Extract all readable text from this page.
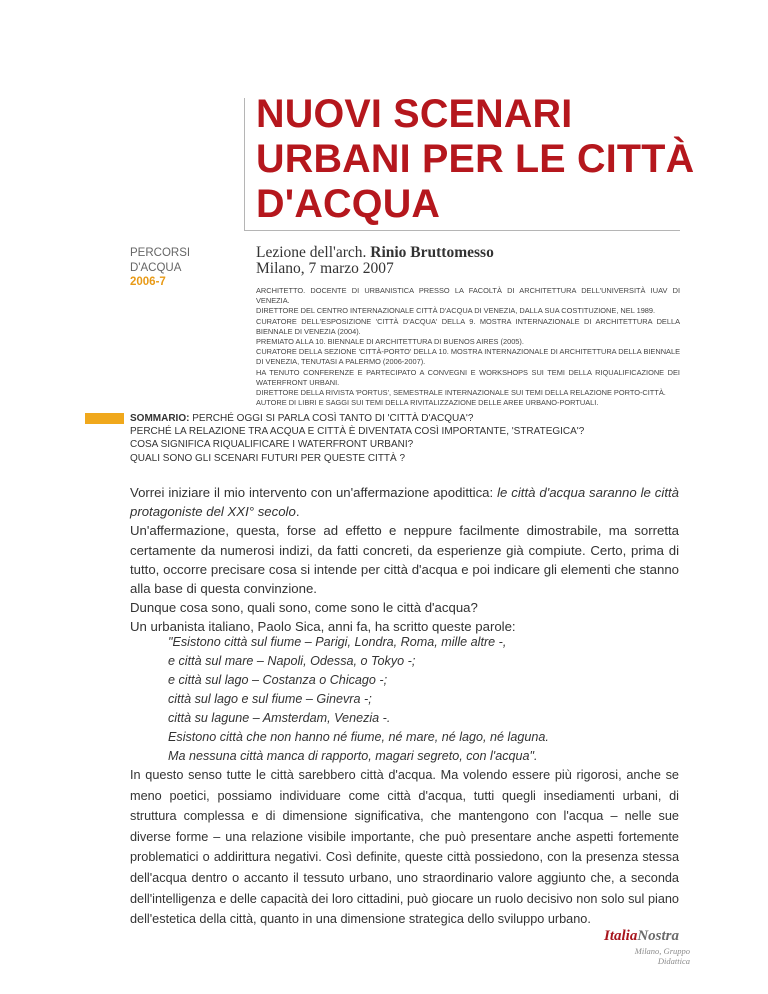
NUOVI SCENARI
URBANI PER LE CITTÀ
D'ACQUA
PERCORSI
D'ACQUA
2006-7
Lezione dell'arch. Rinio Bruttomesso
Milano, 7 marzo 2007
ARCHITETTO. DOCENTE DI URBANISTICA PRESSO LA FACOLTÀ DI ARCHITETTURA DELL'UNIVERSITÀ IUAV DI VENEZIA.
DIRETTORE DEL CENTRO INTERNAZIONALE CITTÀ D'ACQUA DI VENEZIA, DALLA SUA COSTITUZIONE, NEL 1989.
CURATORE DELL'ESPOSIZIONE 'CITTÀ D'ACQUA' DELLA 9. MOSTRA INTERNAZIONALE DI ARCHITETTURA DELLA BIENNALE DI VENEZIA (2004).
PREMIATO ALLA 10. BIENNALE DI ARCHITETTURA DI BUENOS AIRES (2005).
CURATORE DELLA SEZIONE 'CITTÀ-PORTO' DELLA 10. MOSTRA INTERNAZIONALE DI ARCHITETTURA DELLA BIENNALE DI VENEZIA, TENUTASI A PALERMO (2006-2007).
HA TENUTO CONFERENZE E PARTECIPATO A CONVEGNI E WORKSHOPS SUI TEMI DELLA RIQUALIFICAZIONE DEI WATERFRONT URBANI.
DIRETTORE DELLA RIVISTA 'PORTUS', SEMESTRALE INTERNAZIONALE SUI TEMI DELLA RELAZIONE PORTO-CITTÀ.
AUTORE DI LIBRI E SAGGI SUI TEMI DELLA RIVITALIZZAZIONE DELLE AREE URBANO-PORTUALI.
SOMMARIO: PERCHÉ OGGI SI PARLA COSÌ TANTO DI 'CITTÀ D'ACQUA'?
PERCHÉ LA RELAZIONE TRA ACQUA E CITTÀ È DIVENTATA COSÌ IMPORTANTE, 'STRATEGICA'?
COSA SIGNIFICA RIQUALIFICARE I WATERFRONT URBANI?
QUALI SONO GLI SCENARI FUTURI PER QUESTE CITTÀ ?

Vorrei iniziare il mio intervento con un'affermazione apodittica: le città d'acqua saranno le città protagoniste del XXI° secolo.

Un'affermazione, questa, forse ad effetto e neppure facilmente dimostrabile, ma sorretta certamente da numerosi indizi, da fatti concreti, da esperienze già compiute. Certo, prima di tutto, occorre precisare cosa si intende per città d'acqua e poi indicare gli elementi che stanno alla base di questa convinzione.

Dunque cosa sono, quali sono, come sono le città d'acqua?

Un urbanista italiano, Paolo Sica, anni fa, ha scritto queste parole:

"Esistono città sul fiume – Parigi, Londra, Roma, mille altre -,
e città sul mare – Napoli, Odessa, o Tokyo -;
e città sul lago – Costanza o Chicago -;
città sul lago e sul fiume – Ginevra -;
città su lagune – Amsterdam, Venezia -.
Esistono città che non hanno né fiume, né mare, né lago, né laguna.
Ma nessuna città manca di rapporto, magari segreto, con l'acqua".

In questo senso tutte le città sarebbero città d'acqua. Ma volendo essere più rigorosi, anche se meno poetici, possiamo individuare come città d'acqua, tutti quegli insediamenti urbani, di struttura complessa e di dimensione significativa, che mantengono con l'acqua – nelle sue diverse forme – una relazione visibile importante, che può presentare anche aspetti fortemente problematici o addirittura negativi. Così definite, queste città possiedono, con la presenza stessa dell'acqua dentro o accanto il tessuto urbano, uno straordinario valore aggiunto che, a seconda dell'intelligenza e delle capacità dei loro cittadini, può giocare un ruolo decisivo non solo sul piano dell'estetica della città, quanto in una dimensione strategica dello sviluppo urbano.

ItaliaNostra
Milano, Gruppo Didattica
